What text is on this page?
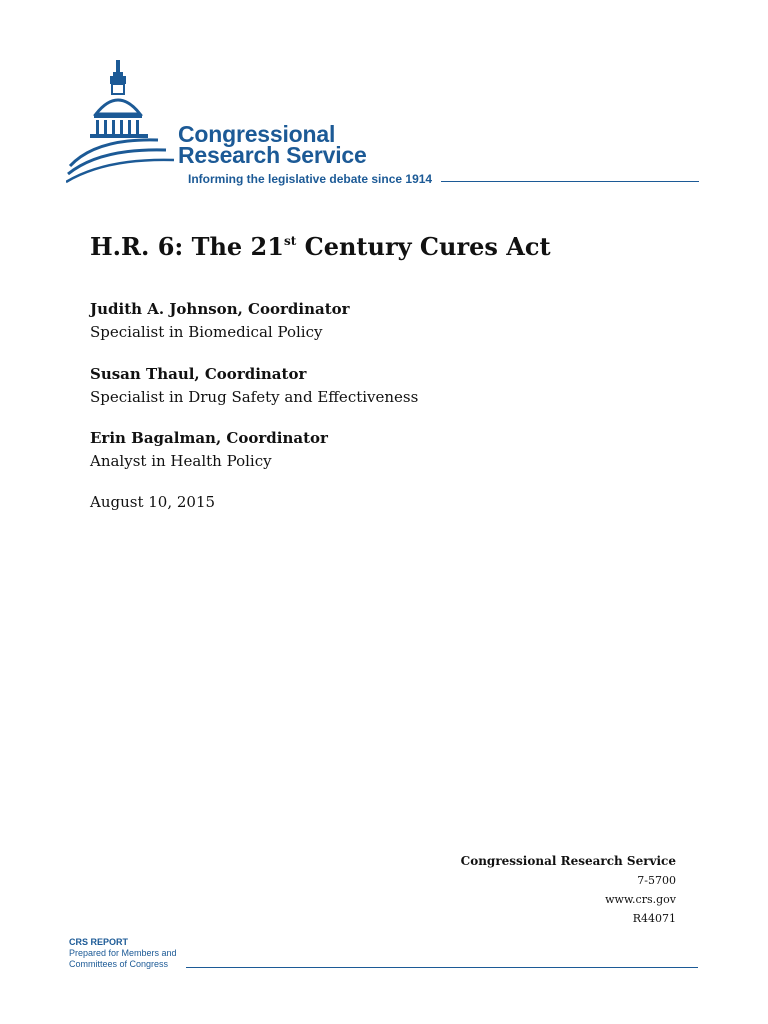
Congressional
Research Service
Informing the legislative debate since 1914
H.R. 6: The 21st Century Cures Act
Judith A. Johnson, Coordinator
Specialist in Biomedical Policy
Susan Thaul, Coordinator
Specialist in Drug Safety and Effectiveness
Erin Bagalman, Coordinator
Analyst in Health Policy
August 10, 2015
Congressional Research Service
7-5700
www.crs.gov
R44071
CRS REPORT
Prepared for Members and
Committees of Congress
